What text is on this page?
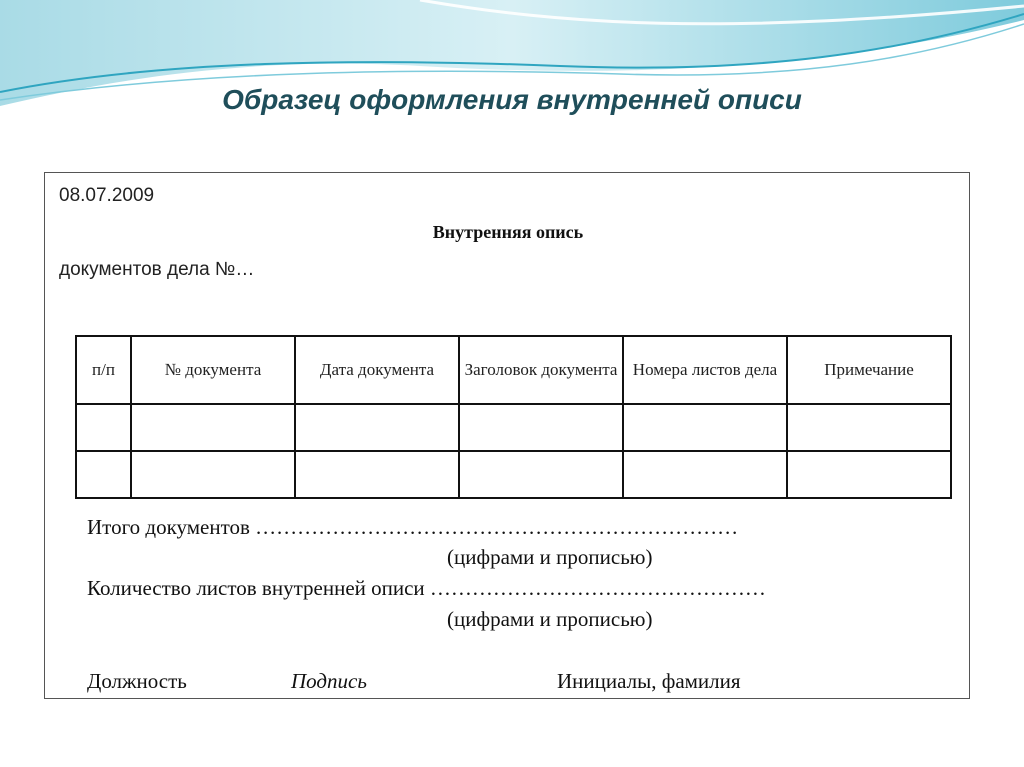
Образец оформления внутренней описи
08.07.2009
Внутренняя опись
документов дела №…
п/п	№ документа	Дата документа	Заголовок документа	Номера листов дела	Примечание

Итого документов ……………………………………………………………
(цифрами и прописью)
Количество листов внутренней описи …………………………………………
(цифрами и прописью)
Должность	Подпись	Инициалы, фамилия
